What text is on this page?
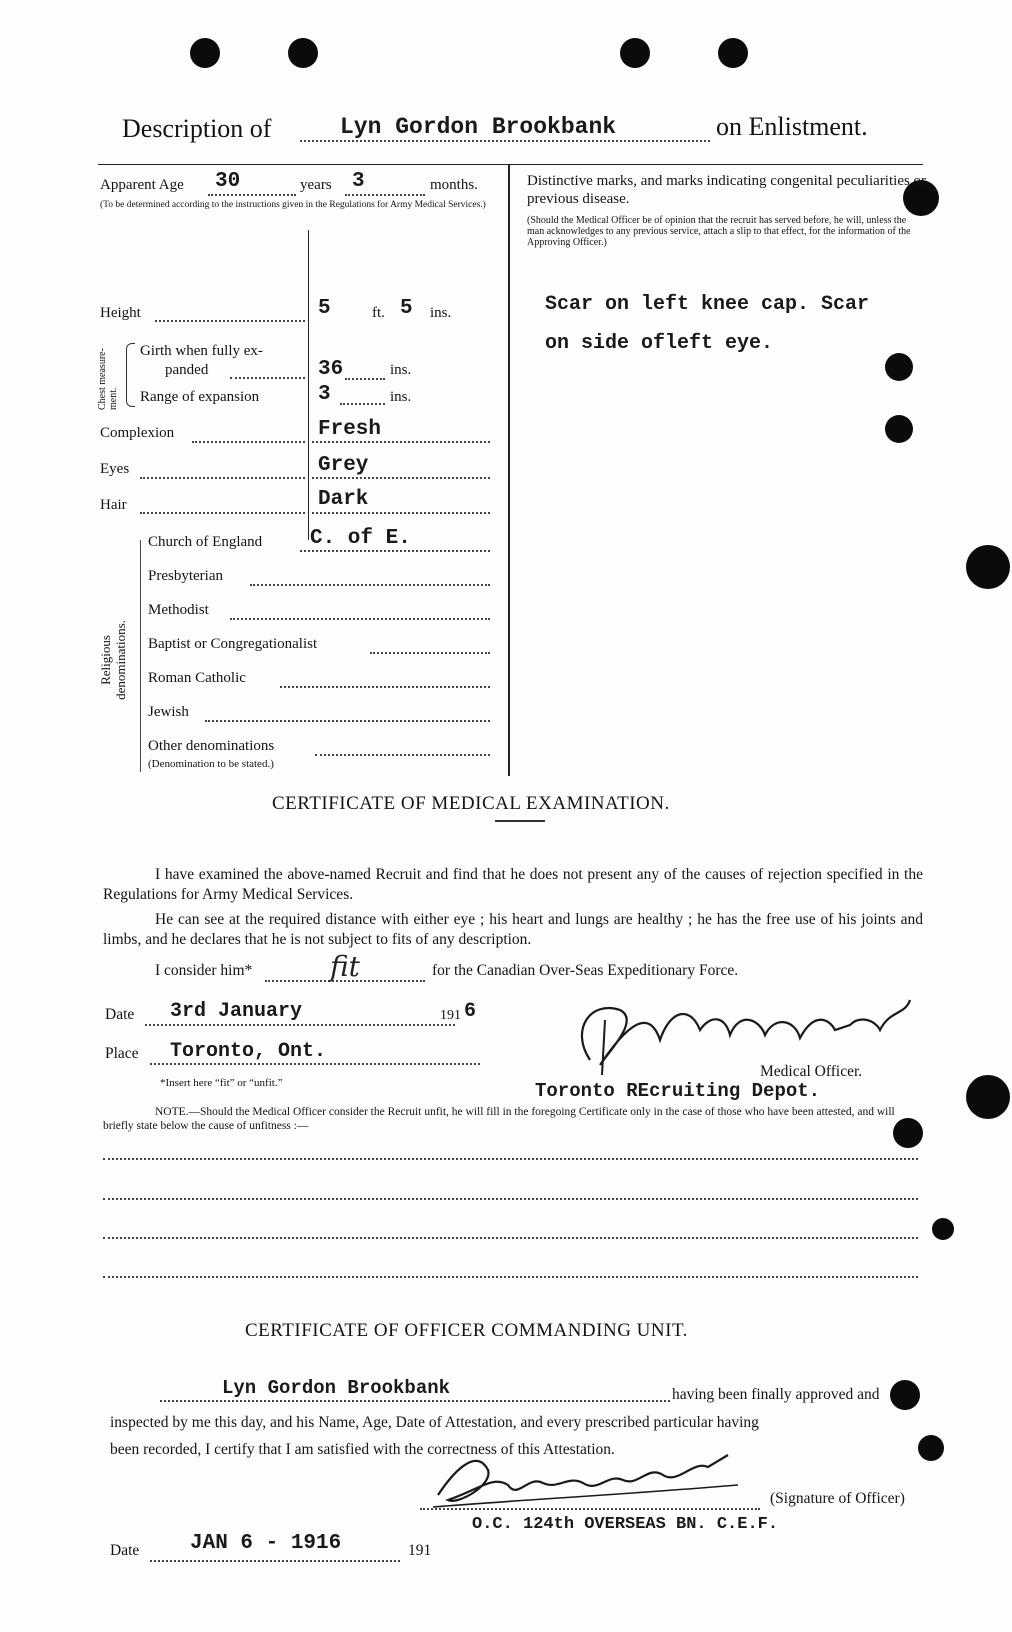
Description of	Lyn Gordon Brookbank	on Enlistment.
Apparent Age 30	years 3	months.
(To be determined according to the instructions given in the Regulations for Army Medical Services.)
Height	5	ft. 5 ins.
Chest measure-ment.
Girth when fully ex-
panded	36	ins.
Range of expansion	3	ins.
Complexion	Fresh
Eyes	Grey
Hair	Dark
Religious denominations.
Church of England C. of E.
Presbyterian
Methodist
Baptist or Congregationalist
Roman Catholic
Jewish
Other denominations
(Denomination to be stated.)
Distinctive marks, and marks indicating congenital peculiarities or previous disease.
(Should the Medical Officer be of opinion that the recruit has served before, he will, unless the man acknowledges to any previous service, attach a slip to that effect, for the information of the Approving Officer.)
Scar on left knee cap. Scar
on side ofleft eye.
CERTIFICATE OF MEDICAL EXAMINATION.
I have examined the above-named Recruit and find that he does not present any of the causes of rejection specified in the Regulations for Army Medical Services.
He can see at the required distance with either eye ; his heart and lungs are healthy ; he has the free use of his joints and limbs, and he declares that he is not subject to fits of any description.
I consider him*	fit	for the Canadian Over-Seas Expeditionary Force.
Date 3rd January	191 6
Place Toronto, Ont.
*Insert here “fit” or “unfit.”
Medical Officer.
Toronto REcruiting Depot.
NOTE.—Should the Medical Officer consider the Recruit unfit, he will fill in the foregoing Certificate only in the case of those who have been attested, and will briefly state below the cause of unfitness :—
CERTIFICATE OF OFFICER COMMANDING UNIT.
Lyn Gordon Brookbank	having been finally approved and
inspected by me this day, and his Name, Age, Date of Attestation, and every prescribed particular having
been recorded, I certify that I am satisfied with the correctness of this Attestation.
(Signature of Officer)
O.C. 124th OVERSEAS BN. C.E.F.
Date JAN 6 - 1916	191
